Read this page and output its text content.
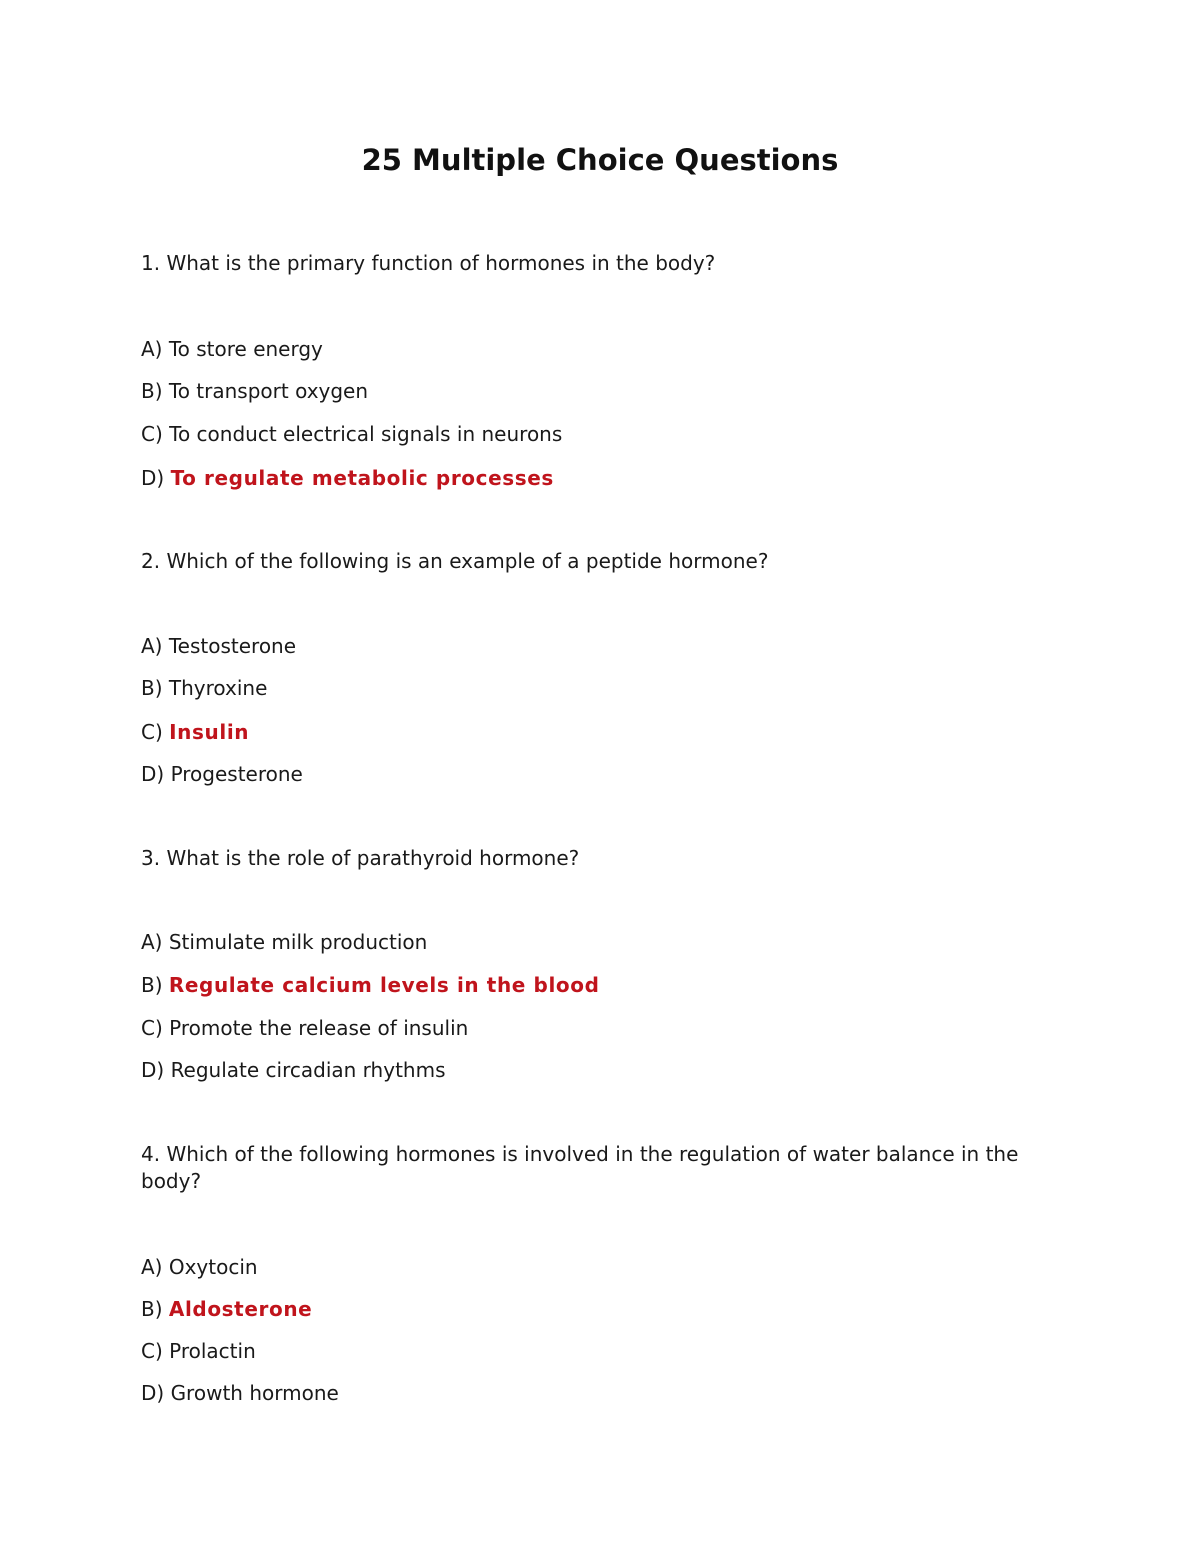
25 Multiple Choice Questions

1. What is the primary function of hormones in the body?

A) To store energy

B) To transport oxygen

C) To conduct electrical signals in neurons

D) To regulate metabolic processes

2. Which of the following is an example of a peptide hormone?

A) Testosterone

B) Thyroxine

C) Insulin

D) Progesterone

3. What is the role of parathyroid hormone?

A) Stimulate milk production

B) Regulate calcium levels in the blood

C) Promote the release of insulin

D) Regulate circadian rhythms

4. Which of the following hormones is involved in the regulation of water balance in the body?

A) Oxytocin

B) Aldosterone

C) Prolactin

D) Growth hormone
